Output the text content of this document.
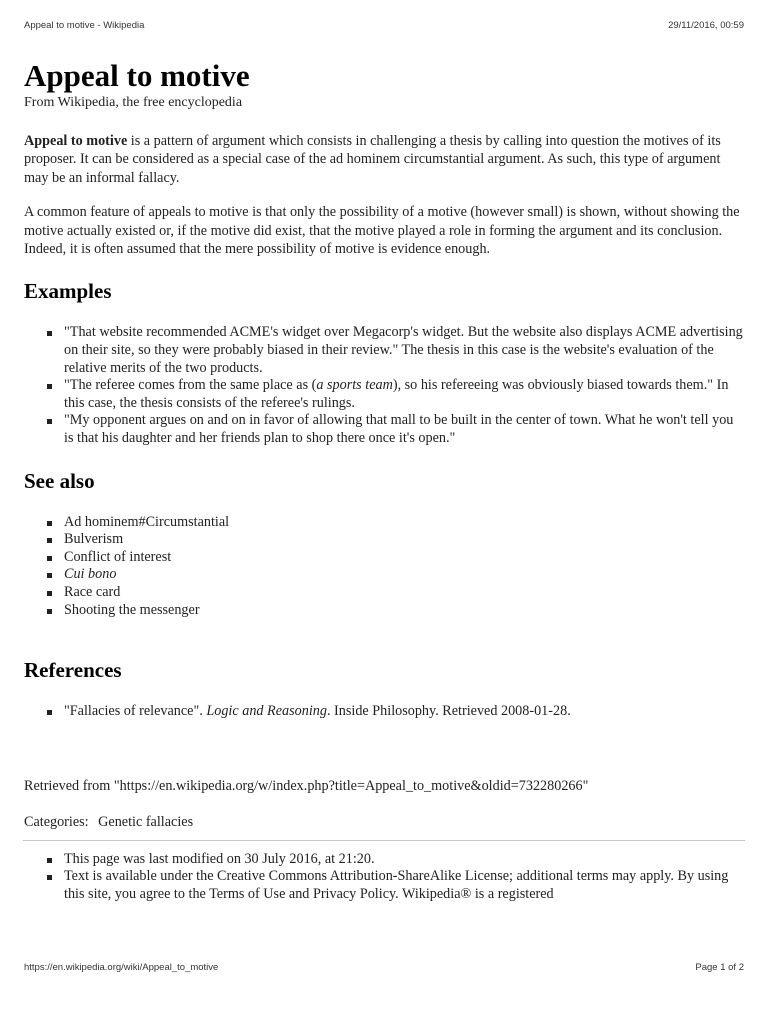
Appeal to motive - Wikipedia	29/11/2016, 00:59
Appeal to motive
From Wikipedia, the free encyclopedia

Appeal to motive is a pattern of argument which consists in challenging a thesis by calling into question the motives of its proposer. It can be considered as a special case of the ad hominem circumstantial argument. As such, this type of argument may be an informal fallacy.

A common feature of appeals to motive is that only the possibility of a motive (however small) is shown, without showing the motive actually existed or, if the motive did exist, that the motive played a role in forming the argument and its conclusion. Indeed, it is often assumed that the mere possibility of motive is evidence enough.

Examples
"That website recommended ACME's widget over Megacorp's widget. But the website also displays ACME advertising on their site, so they were probably biased in their review." The thesis in this case is the website's evaluation of the relative merits of the two products.
"The referee comes from the same place as (a sports team), so his refereeing was obviously biased towards them." In this case, the thesis consists of the referee's rulings.
"My opponent argues on and on in favor of allowing that mall to be built in the center of town. What he won't tell you is that his daughter and her friends plan to shop there once it's open."
See also
Ad hominem#Circumstantial
Bulverism
Conflict of interest
Cui bono
Race card
Shooting the messenger
References
"Fallacies of relevance". Logic and Reasoning. Inside Philosophy. Retrieved 2008-01-28.
Retrieved from "https://en.wikipedia.org/w/index.php?title=Appeal_to_motive&oldid=732280266"
Categories: Genetic fallacies
This page was last modified on 30 July 2016, at 21:20.
Text is available under the Creative Commons Attribution-ShareAlike License; additional terms may apply. By using this site, you agree to the Terms of Use and Privacy Policy. Wikipedia® is a registered
https://en.wikipedia.org/wiki/Appeal_to_motive	Page 1 of 2
